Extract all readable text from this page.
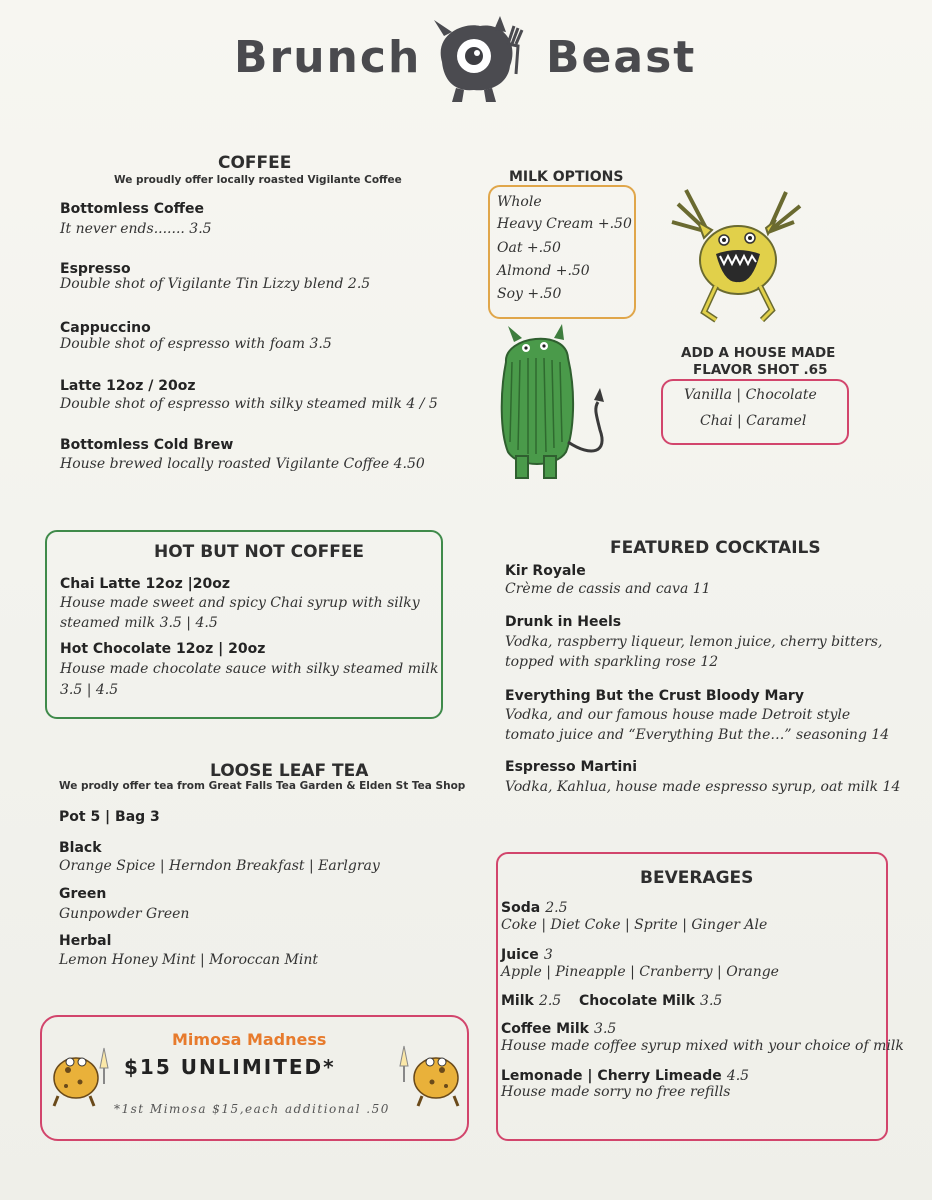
Brunch	Beast
COFFEE
We proudly offer locally roasted Vigilante Coffee
Bottomless Coffee
It never ends....... 3.5
Espresso
Double shot of Vigilante Tin Lizzy blend 2.5
Cappuccino
Double shot of espresso with foam 3.5
Latte 12oz / 20oz
Double shot of espresso with silky steamed milk 4 / 5
Bottomless Cold Brew
House brewed locally roasted Vigilante Coffee 4.50
MILK OPTIONS
Whole
Heavy Cream +.50
Oat +.50
Almond +.50
Soy +.50
ADD A HOUSE MADE
FLAVOR SHOT .65
Vanilla | Chocolate
Chai | Caramel
HOT BUT NOT COFFEE
Chai Latte 12oz |20oz
House made sweet and spicy Chai syrup with silky
steamed milk 3.5 | 4.5
Hot Chocolate 12oz | 20oz
House made chocolate sauce with silky steamed milk
3.5 | 4.5
FEATURED COCKTAILS
Kir Royale
Crème de cassis and cava 11
Drunk in Heels
Vodka, raspberry liqueur, lemon juice, cherry bitters,
topped with sparkling rose 12
Everything But the Crust Bloody Mary
Vodka, and our famous house made Detroit style
tomato juice and “Everything But the…” seasoning 14
Espresso Martini
Vodka, Kahlua, house made espresso syrup, oat milk 14
LOOSE LEAF TEA
We prodly offer tea from Great Falls Tea Garden & Elden St Tea Shop
Pot 5 | Bag 3
Black
Orange Spice | Herndon Breakfast | Earlgray
Green
Gunpowder Green
Herbal
Lemon Honey Mint | Moroccan Mint
Mimosa Madness
$15 UNLIMITED*
*1st Mimosa $15,each additional .50
BEVERAGES
Soda 2.5
Coke | Diet Coke | Sprite | Ginger Ale
Juice 3
Apple | Pineapple | Cranberry | Orange
Milk 2.5 Chocolate Milk 3.5
Coffee Milk 3.5
House made coffee syrup mixed with your choice of milk
Lemonade | Cherry Limeade 4.5
House made sorry no free refills
